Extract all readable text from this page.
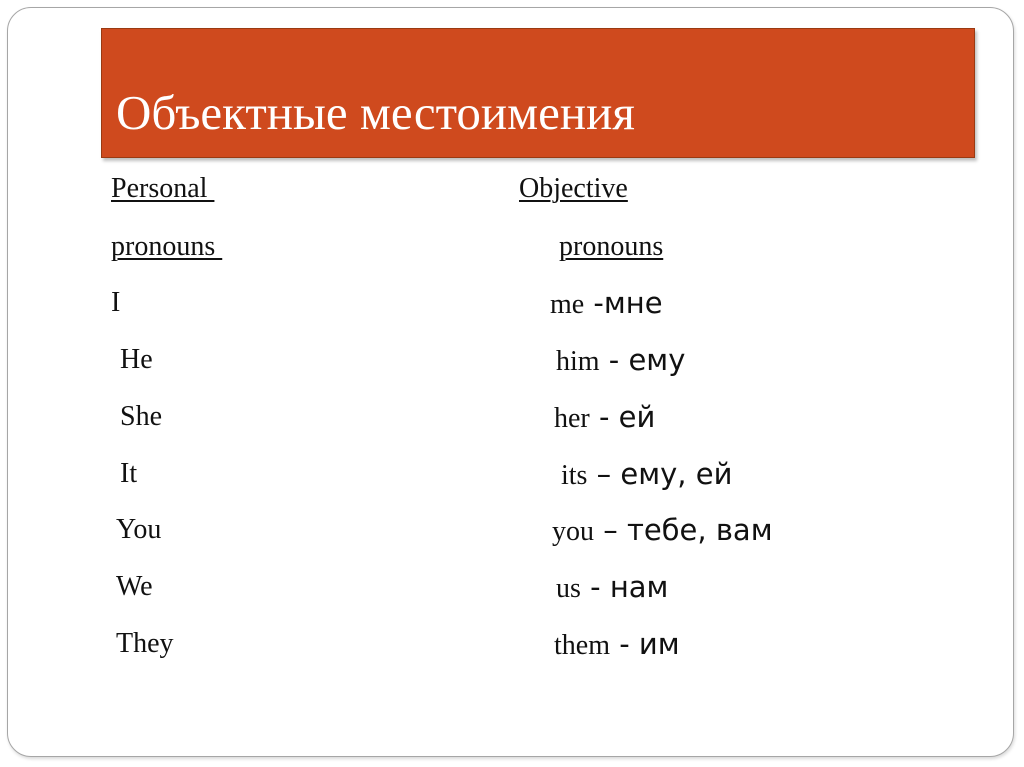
Объектные местоимения
Personal
pronouns
Objective
pronouns
I
He
She
It
You
We
They
me -мне
him - ему
her - ей
its – ему, ей
you – тебе, вам
us - нам
them - им
